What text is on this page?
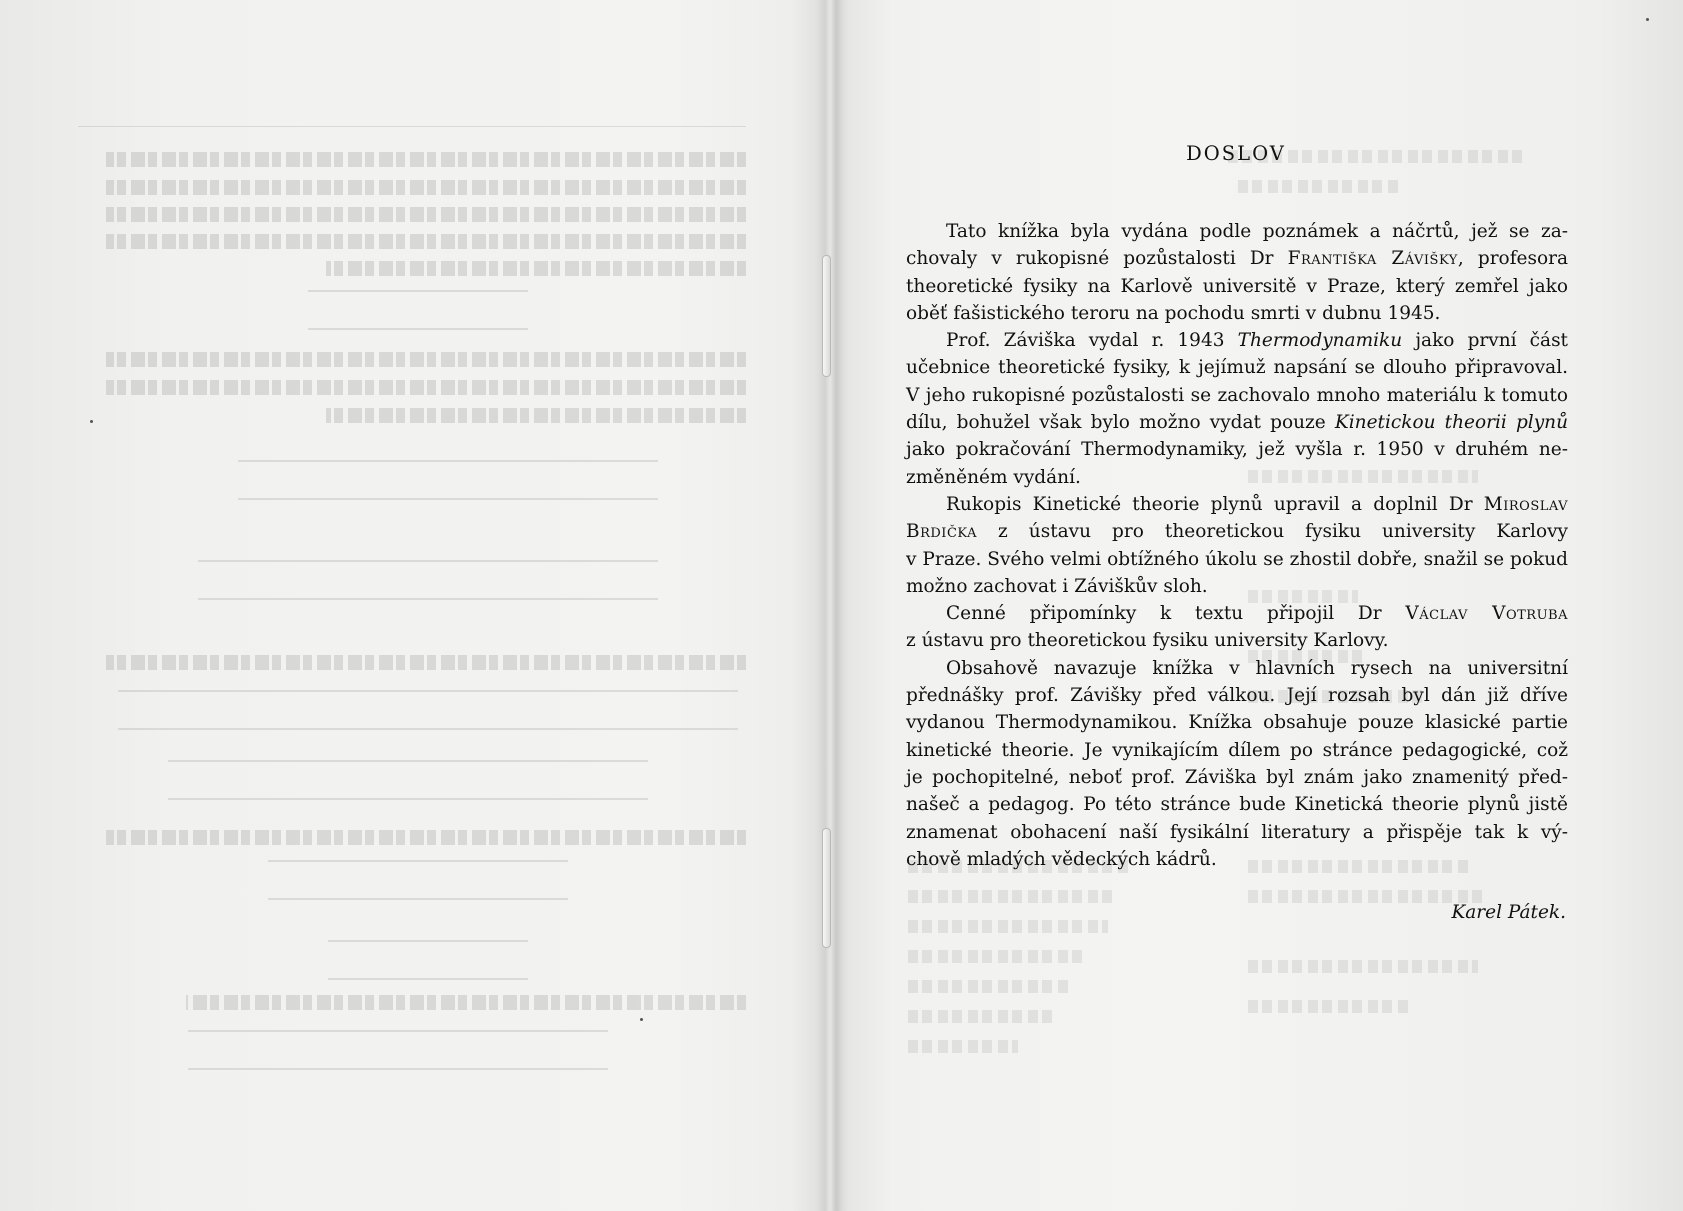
DOSLOV
Tato knížka byla vydána podle poznámek a náčrtů, jež se za-
chovaly v rukopisné pozůstalosti Dr Františka Závišky, profesora
theoretické fysiky na Karlově universitě v Praze, který zemřel jako
oběť fašistického teroru na pochodu smrti v dubnu 1945.
Prof. Záviška vydal r. 1943 Thermodynamiku jako první část
učebnice theoretické fysiky, k jejímuž napsání se dlouho připravoval.
V jeho rukopisné pozůstalosti se zachovalo mnoho materiálu k tomuto
dílu, bohužel však bylo možno vydat pouze Kinetickou theorii plynů
jako pokračování Thermodynamiky, jež vyšla r. 1950 v druhém ne-
změněném vydání.
Rukopis Kinetické theorie plynů upravil a doplnil Dr Miroslav
Brdička z ústavu pro theoretickou fysiku university Karlovy
v Praze. Svého velmi obtížného úkolu se zhostil dobře, snažil se pokud
možno zachovat i Záviškův sloh.
Cenné připomínky k textu připojil Dr Václav Votruba
z ústavu pro theoretickou fysiku university Karlovy.
Obsahově navazuje knížka v hlavních rysech na universitní
přednášky prof. Závišky před válkou. Její rozsah byl dán již dříve
vydanou Thermodynamikou. Knížka obsahuje pouze klasické partie
kinetické theorie. Je vynikajícím dílem po stránce pedagogické, což
je pochopitelné, neboť prof. Záviška byl znám jako znamenitý před-
našeč a pedagog. Po této stránce bude Kinetická theorie plynů jistě
znamenat obohacení naší fysikální literatury a přispěje tak k vý-
chově mladých vědeckých kádrů.

Karel Pátek.
